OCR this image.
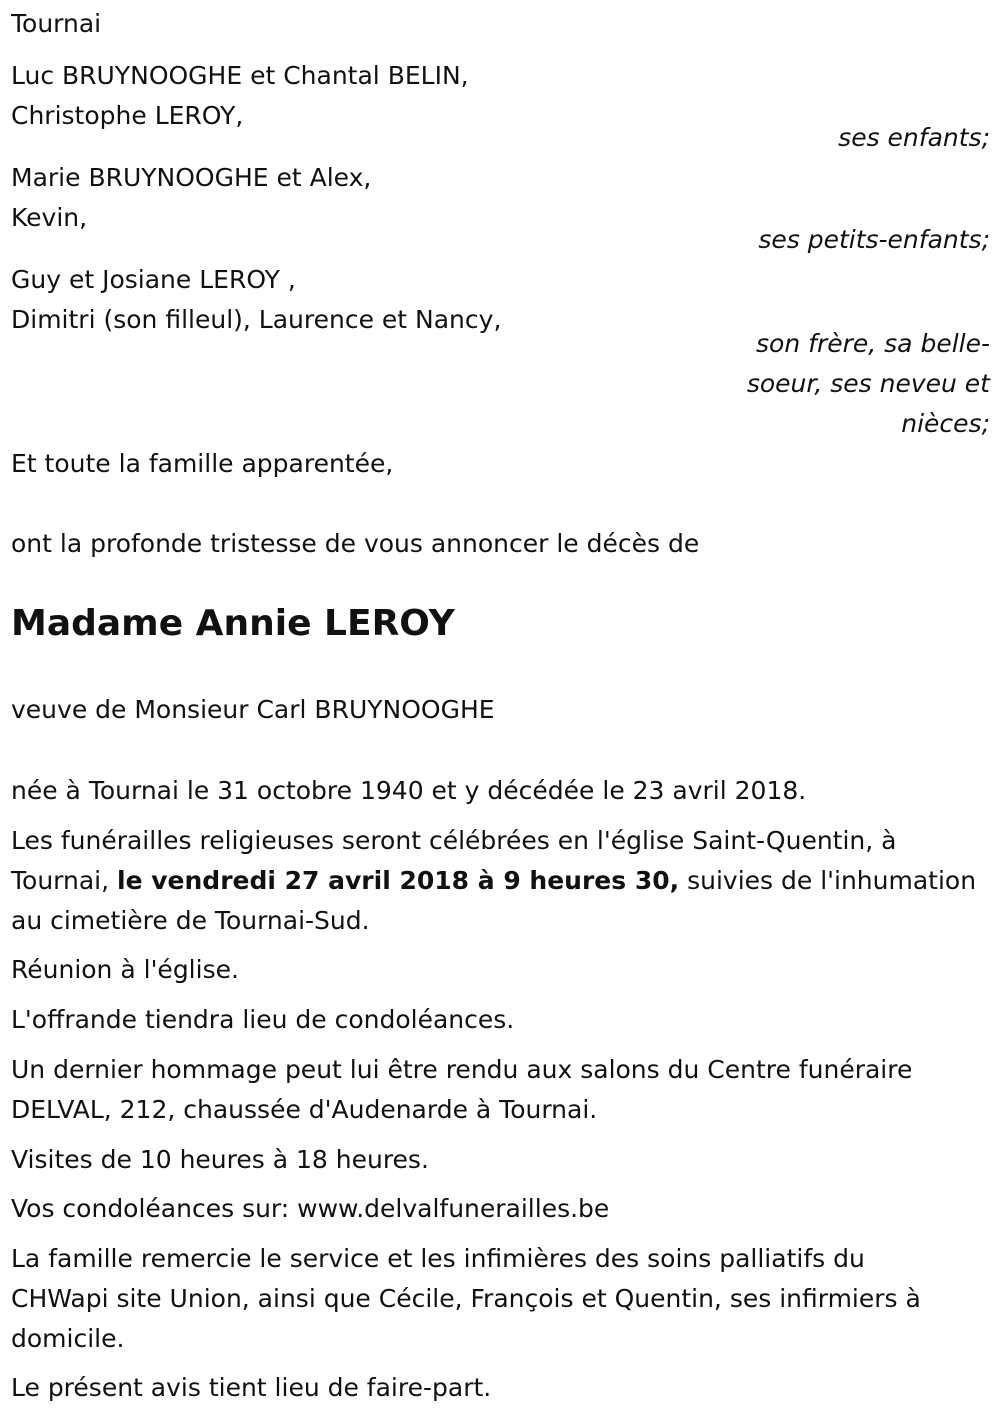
Tournai
Luc BRUYNOOGHE et Chantal BELIN,
Christophe LEROY,
ses enfants;
Marie BRUYNOOGHE et Alex,
Kevin,
ses petits-enfants;
Guy et Josiane LEROY ,
Dimitri (son filleul), Laurence et Nancy,
son frère, sa belle-
soeur, ses neveu et
nièces;
Et toute la famille apparentée,
ont la profonde tristesse de vous annoncer le décès de
Madame Annie LEROY
veuve de Monsieur Carl BRUYNOOGHE
née à Tournai le 31 octobre 1940 et y décédée le 23 avril 2018.
Les funérailles religieuses seront célébrées en l'église Saint-Quentin, à
Tournai, le vendredi 27 avril 2018 à 9 heures 30, suivies de l'inhumation
au cimetière de Tournai-Sud.
Réunion à l'église.
L'offrande tiendra lieu de condoléances.
Un dernier hommage peut lui être rendu aux salons du Centre funéraire
DELVAL, 212, chaussée d'Audenarde à Tournai.
Visites de 10 heures à 18 heures.
Vos condoléances sur: www.delvalfunerailles.be
La famille remercie le service et les infimières des soins palliatifs du
CHWapi site Union, ainsi que Cécile, François et Quentin, ses infirmiers à
domicile.
Le présent avis tient lieu de faire-part.
